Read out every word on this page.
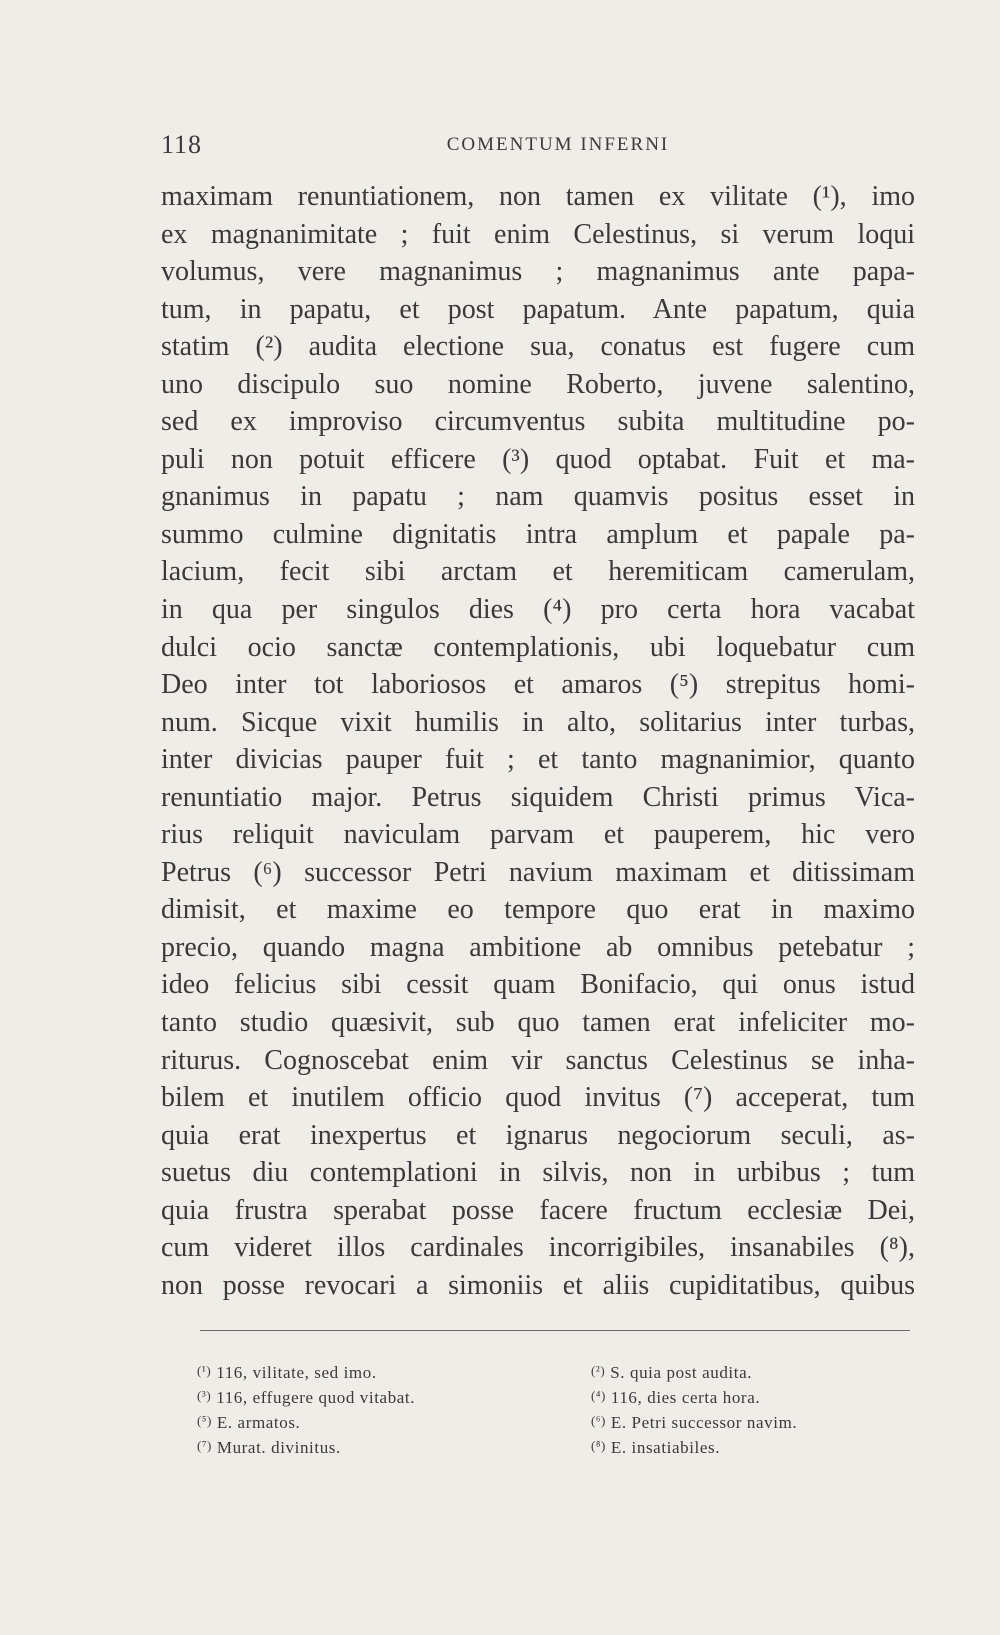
118	COMENTUM INFERNI
maximam renuntiationem, non tamen ex vilitate (¹), imo
ex magnanimitate ; fuit enim Celestinus, si verum loqui
volumus, vere magnanimus ; magnanimus ante papa-
tum, in papatu, et post papatum. Ante papatum, quia
statim (²) audita electione sua, conatus est fugere cum
uno discipulo suo nomine Roberto, juvene salentino,
sed ex improviso circumventus subita multitudine po-
puli non potuit efficere (³) quod optabat. Fuit et ma-
gnanimus in papatu ; nam quamvis positus esset in
summo culmine dignitatis intra amplum et papale pa-
lacium, fecit sibi arctam et heremiticam camerulam,
in qua per singulos dies (⁴) pro certa hora vacabat
dulci ocio sanctæ contemplationis, ubi loquebatur cum
Deo inter tot laboriosos et amaros (⁵) strepitus homi-
num. Sicque vixit humilis in alto, solitarius inter turbas,
inter divicias pauper fuit ; et tanto magnanimior, quanto
renuntiatio major. Petrus siquidem Christi primus Vica-
rius reliquit naviculam parvam et pauperem, hic vero
Petrus (⁶) successor Petri navium maximam et ditissimam
dimisit, et maxime eo tempore quo erat in maximo
precio, quando magna ambitione ab omnibus petebatur ;
ideo felicius sibi cessit quam Bonifacio, qui onus istud
tanto studio quæsivit, sub quo tamen erat infeliciter mo-
riturus. Cognoscebat enim vir sanctus Celestinus se inha-
bilem et inutilem officio quod invitus (⁷) acceperat, tum
quia erat inexpertus et ignarus negociorum seculi, as-
suetus diu contemplationi in silvis, non in urbibus ; tum
quia frustra sperabat posse facere fructum ecclesiæ Dei,
cum videret illos cardinales incorrigibiles, insanabiles (⁸),
non posse revocari a simoniis et aliis cupiditatibus, quibus
(¹) 116, vilitate, sed imo.
(³) 116, effugere quod vitabat.
(⁵) E. armatos.
(⁷) Murat. divinitus.
(²) S. quia post audita.
(⁴) 116, dies certa hora.
(⁶) E. Petri successor navim.
(⁸) E. insatiabiles.
